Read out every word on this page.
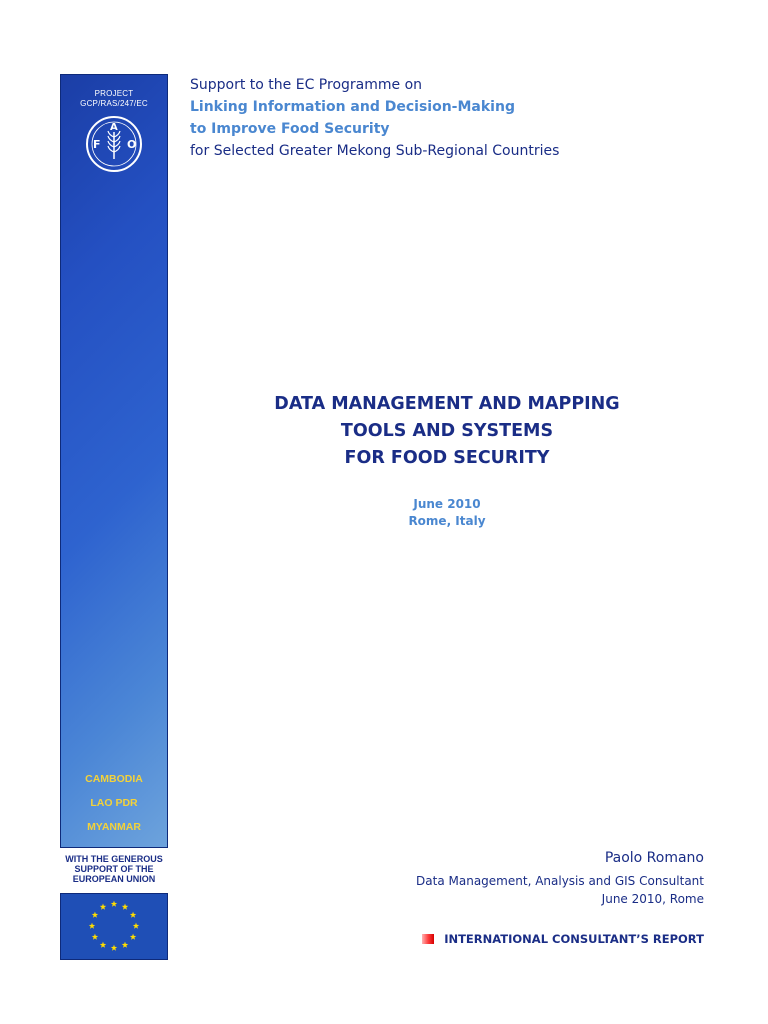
PROJECT
GCP/RAS/247/EC
F
A
O
CAMBODIA
LAO PDR
MYANMAR
WITH THE GENEROUS
SUPPORT OF THE
EUROPEAN UNION
Support to the EC Programme on
Linking Information and Decision-Making
to Improve Food Security
for Selected Greater Mekong Sub-Regional Countries
DATA MANAGEMENT AND MAPPING
TOOLS AND SYSTEMS
FOR FOOD SECURITY
June 2010
Rome, Italy
Paolo Romano
Data Management, Analysis and GIS Consultant
June 2010, Rome
INTERNATIONAL CONSULTANT’S REPORT
